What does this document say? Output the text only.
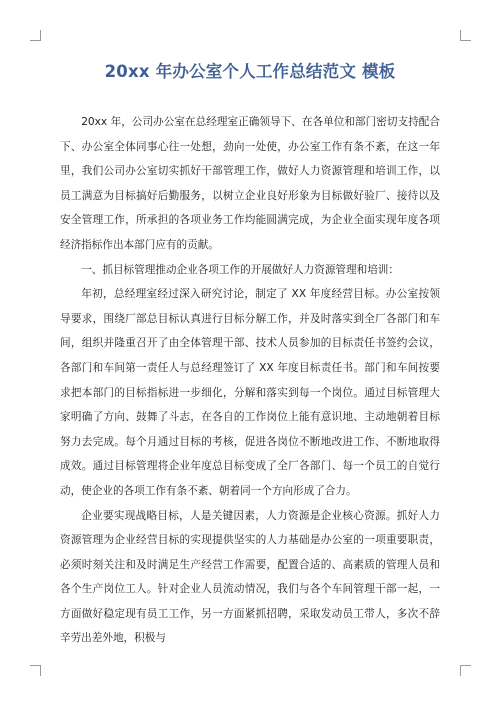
20xx 年办公室个人工作总结范文 模板

20xx 年，公司办公室在总经理室正确领导下、在各单位和部门密切支持配合下、办公室全体同事心往一处想，劲向一处使，办公室工作有条不紊，在这一年里，我们公司办公室切实抓好干部管理工作，做好人力资源管理和培训工作，以员工满意为目标搞好后勤服务，以树立企业良好形象为目标做好验厂、接待以及安全管理工作，所承担的各项业务工作均能圆满完成，为企业全面实现年度各项经济指标作出本部门应有的贡献。

一、抓目标管理推动企业各项工作的开展做好人力资源管理和培训：

年初，总经理室经过深入研究讨论，制定了 XX 年度经营目标。办公室按领导要求，围绕厂部总目标认真进行目标分解工作，并及时落实到全厂各部门和车间，组织并隆重召开了由全体管理干部、技术人员参加的目标责任书签约会议，各部门和车间第一责任人与总经理签订了 XX 年度目标责任书。部门和车间按要求把本部门的目标指标进一步细化，分解和落实到每一个岗位。通过目标管理大家明确了方向、鼓舞了斗志，在各自的工作岗位上能有意识地、主动地朝着目标努力去完成。每个月通过目标的考核，促进各岗位不断地改进工作、不断地取得成效。通过目标管理将企业年度总目标变成了全厂各部门、每一个员工的自觉行动，使企业的各项工作有条不紊、朝着同一个方向形成了合力。

企业要实现战略目标，人是关键因素，人力资源是企业核心资源。抓好人力资源管理为企业经营目标的实现提供坚实的人力基础是办公室的一项重要职责，必须时刻关注和及时满足生产经营工作需要，配置合适的、高素质的管理人员和各个生产岗位工人。针对企业人员流动情况，我们与各个车间管理干部一起，一方面做好稳定现有员工工作，另一方面紧抓招聘，采取发动员工带人，多次不辞辛劳出差外地，积极与
